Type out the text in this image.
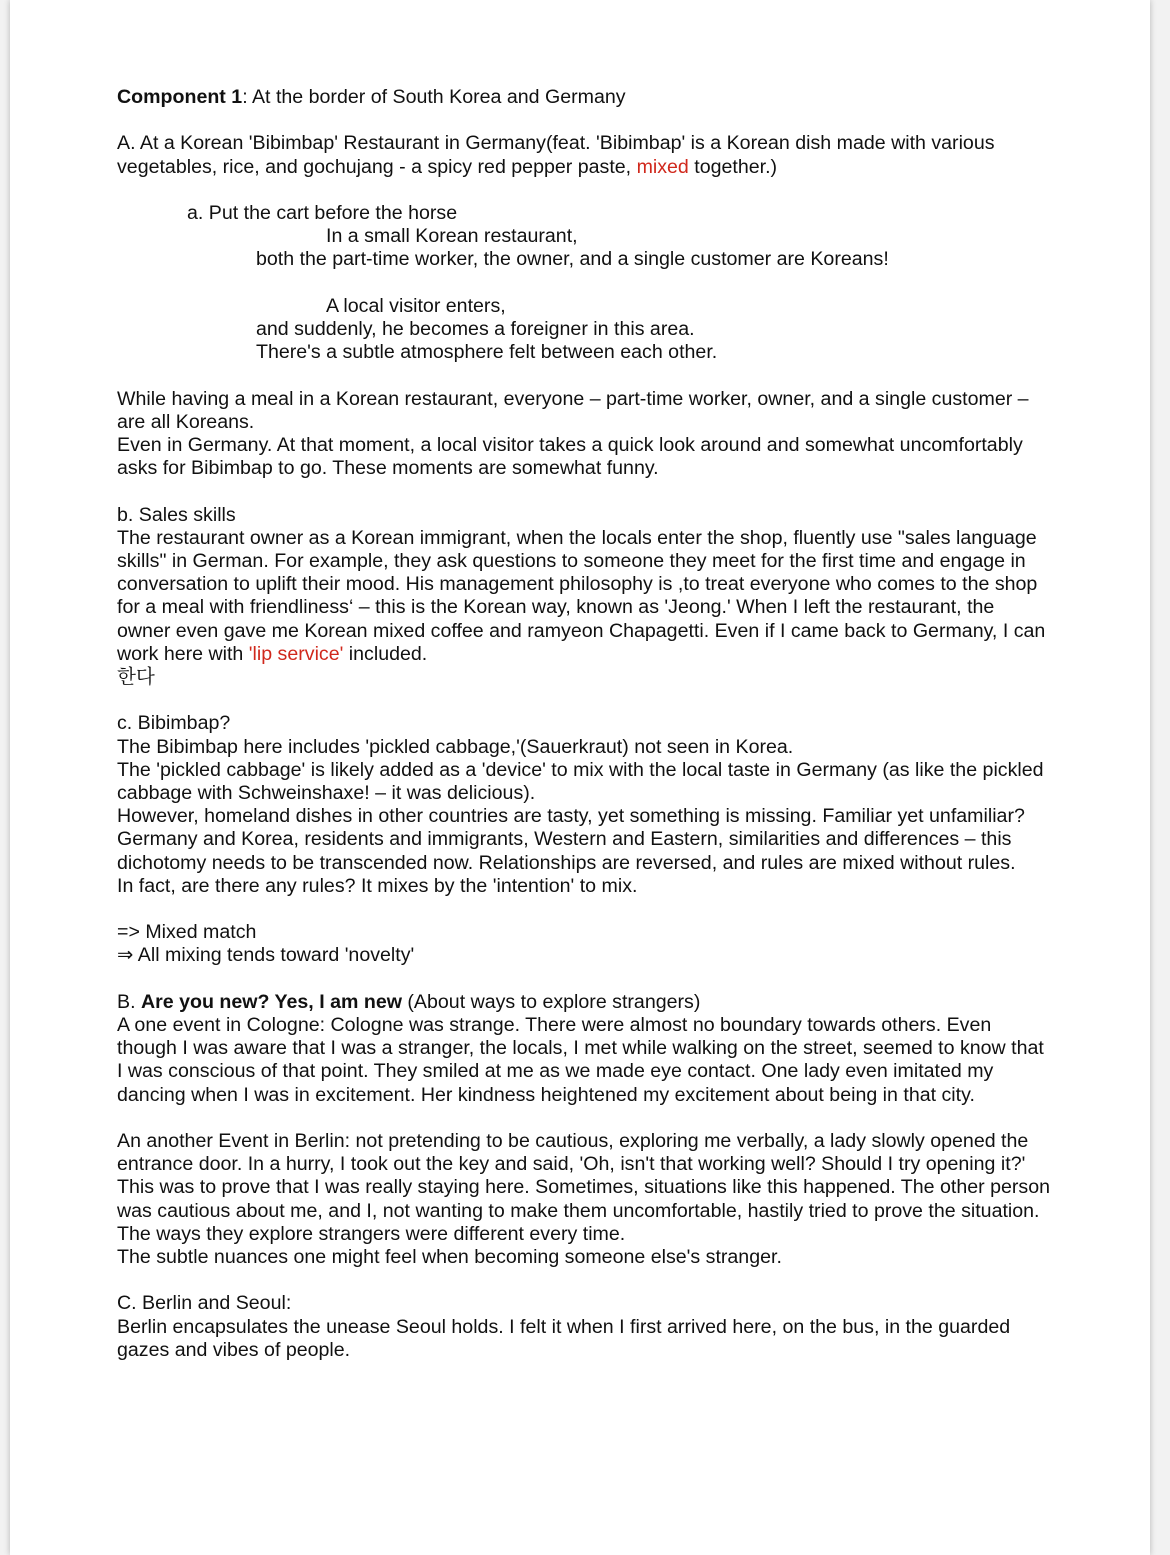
Component 1: At the border of South Korea and Germany

A. At a Korean 'Bibimbap' Restaurant in Germany(feat. 'Bibimbap' is a Korean dish made with various vegetables, rice, and gochujang - a spicy red pepper paste, mixed together.)

a. Put the cart before the horse

In a small Korean restaurant,

both the part-time worker, the owner, and a single customer are Koreans!

A local visitor enters,

and suddenly, he becomes a foreigner in this area.

There's a subtle atmosphere felt between each other.

While having a meal in a Korean restaurant, everyone – part-time worker, owner, and a single customer – are all Koreans.

Even in Germany. At that moment, a local visitor takes a quick look around and somewhat uncomfortably asks for Bibimbap to go. These moments are somewhat funny.

b. Sales skills

The restaurant owner as a Korean immigrant, when the locals enter the shop, fluently use "sales language skills" in German. For example, they ask questions to someone they meet for the first time and engage in conversation to uplift their mood. His management philosophy is ,to treat everyone who comes to the shop for a meal with friendliness‘ – this is the Korean way, known as 'Jeong.' When I left the restaurant, the owner even gave me Korean mixed coffee and ramyeon Chapagetti. Even if I came back to Germany, I can work here with 'lip service' included.

한다

c. Bibimbap?

The Bibimbap here includes 'pickled cabbage,'(Sauerkraut) not seen in Korea.

The 'pickled cabbage' is likely added as a 'device' to mix with the local taste in Germany (as like the pickled cabbage with Schweinshaxe! – it was delicious).

However, homeland dishes in other countries are tasty, yet something is missing. Familiar yet unfamiliar?

Germany and Korea, residents and immigrants, Western and Eastern, similarities and differences – this dichotomy needs to be transcended now. Relationships are reversed, and rules are mixed without rules.

In fact, are there any rules? It mixes by the 'intention' to mix.

=> Mixed match

⇒ All mixing tends toward 'novelty'

B. Are you new? Yes, I am new (About ways to explore strangers)

A one event in Cologne: Cologne was strange. There were almost no boundary towards others. Even though I was aware that I was a stranger, the locals, I met while walking on the street, seemed to know that I was conscious of that point. They smiled at me as we made eye contact. One lady even imitated my dancing when I was in excitement. Her kindness heightened my excitement about being in that city.

An another Event in Berlin: not pretending to be cautious, exploring me verbally, a lady slowly opened the entrance door. In a hurry, I took out the key and said, 'Oh, isn't that working well? Should I try opening it?' This was to prove that I was really staying here. Sometimes, situations like this happened. The other person was cautious about me, and I, not wanting to make them uncomfortable, hastily tried to prove the situation. The ways they explore strangers were different every time.

The subtle nuances one might feel when becoming someone else's stranger.

C. Berlin and Seoul:

Berlin encapsulates the unease Seoul holds. I felt it when I first arrived here, on the bus, in the guarded gazes and vibes of people.
